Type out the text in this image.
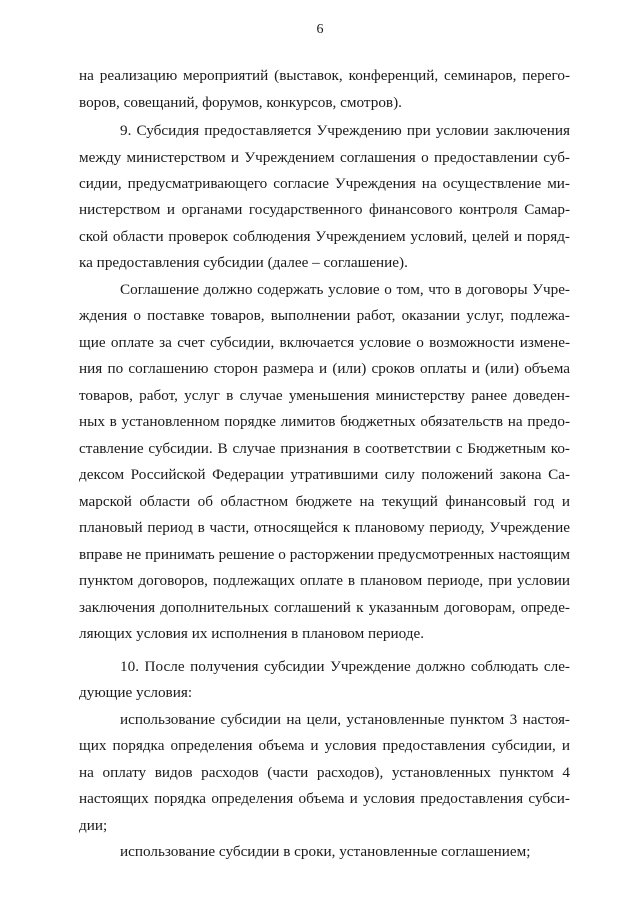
6
на реализацию мероприятий (выставок, конференций, семинаров, перего-
воров, совещаний, форумов, конкурсов, смотров).
9. Субсидия предоставляется Учреждению при условии заключения
между министерством и Учреждением соглашения о предоставлении суб-
сидии, предусматривающего согласие Учреждения на осуществление ми-
нистерством и органами государственного финансового контроля Самар-
ской области проверок соблюдения Учреждением условий, целей и поряд-
ка предоставления субсидии (далее – соглашение).
Соглашение должно содержать условие о том, что в договоры Учре-
ждения о поставке товаров, выполнении работ, оказании услуг, подлежа-
щие оплате за счет субсидии, включается условие о возможности измене-
ния по соглашению сторон размера и (или) сроков оплаты и (или) объема
товаров, работ, услуг в случае уменьшения министерству ранее доведен-
ных в установленном порядке лимитов бюджетных обязательств на предо-
ставление субсидии. В случае признания в соответствии с Бюджетным ко-
дексом Российской Федерации утратившими силу положений закона Са-
марской области об областном бюджете на текущий финансовый год и
плановый период в части, относящейся к плановому периоду, Учреждение
вправе не принимать решение о расторжении предусмотренных настоящим
пунктом договоров, подлежащих оплате в плановом периоде, при условии
заключения дополнительных соглашений к указанным договорам, опреде-
ляющих условия их исполнения в плановом периоде.
10. После получения субсидии Учреждение должно соблюдать сле-
дующие условия:
использование субсидии на цели, установленные пунктом 3 настоя-
щих порядка определения объема и условия предоставления субсидии, и
на оплату видов расходов (части расходов), установленных пунктом 4
настоящих порядка определения объема и условия предоставления субси-
дии;
использование субсидии в сроки, установленные соглашением;
